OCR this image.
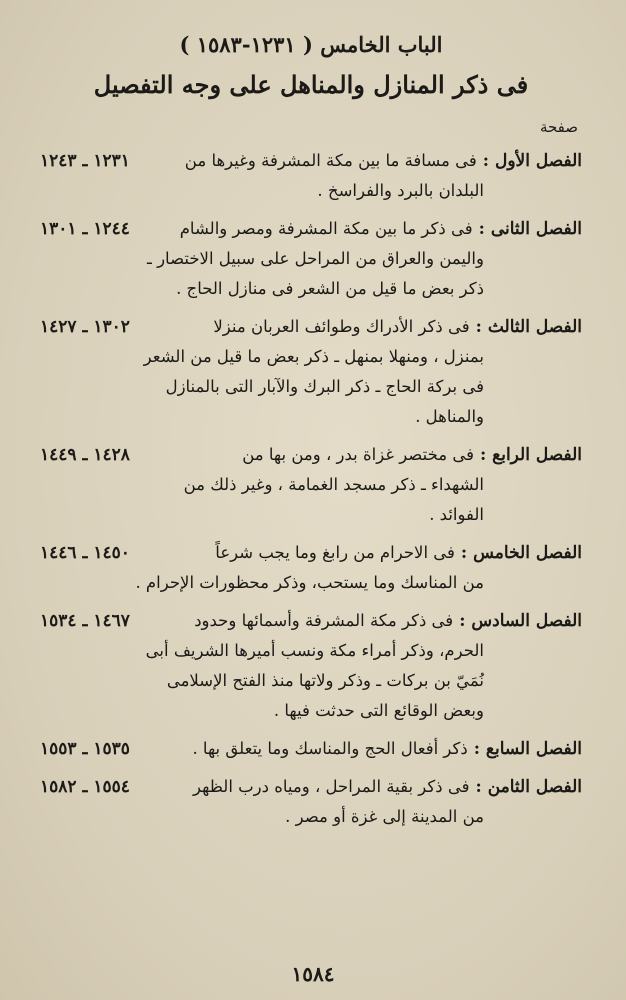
الباب الخامس ( ١٢٣١-١٥٨٣ )
فى ذكر المنازل والمناهل على وجه التفصيل
صفحة
الفصل الأول :
فى مسافة ما بين مكة المشرفة وغيرها من
١٢٣١ ـ ١٢٤٣
البلدان بالبرد والفراسخ .
الفصل الثانى :
فى ذكر ما بين مكة المشرفة ومصر والشام
١٢٤٤ ـ ١٣٠١
واليمن والعراق من المراحل على سبيل الاختصار ـ
ذكر بعض ما قيل من الشعر فى منازل الحاج .
الفصل الثالث :
فى ذكر الأدراك وطوائف العربان منزلا
١٣٠٢ ـ ١٤٢٧
بمنزل ، ومنهلا بمنهل ـ ذكر بعض ما قيل من الشعر
فى بركة الحاج ـ ذكر البرك والآبار التى بالمنازل
والمناهل .
الفصل الرابع :
فى مختصر غزاة بدر ، ومن بها من
١٤٢٨ ـ ١٤٤٩
الشهداء ـ ذكر مسجد الغمامة ، وغير ذلك من
الفوائد .
الفصل الخامس :
فى الاحرام من رابغ وما يجب شرعاً
١٤٥٠ ـ ١٤٤٦
من المناسك وما يستحب، وذكر محظورات الإحرام .
الفصل السادس :
فى ذكر مكة المشرفة وأسمائها وحدود
١٤٦٧ ـ ١٥٣٤
الحرم، وذكر أمراء مكة ونسب أميرها الشريف أبى
نُمَيّ بن بركات ـ وذكر ولاتها منذ الفتح الإسلامى
وبعض الوقائع التى حدثت فيها .
الفصل السابع :
ذكر أفعال الحج والمناسك وما يتعلق بها .
١٥٣٥ ـ ١٥٥٣
الفصل الثامن :
فى ذكر بقية المراحل ، ومياه درب الظهر
١٥٥٤ ـ ١٥٨٢
من المدينة إلى غزة أو مصر .
١٥٨٤
